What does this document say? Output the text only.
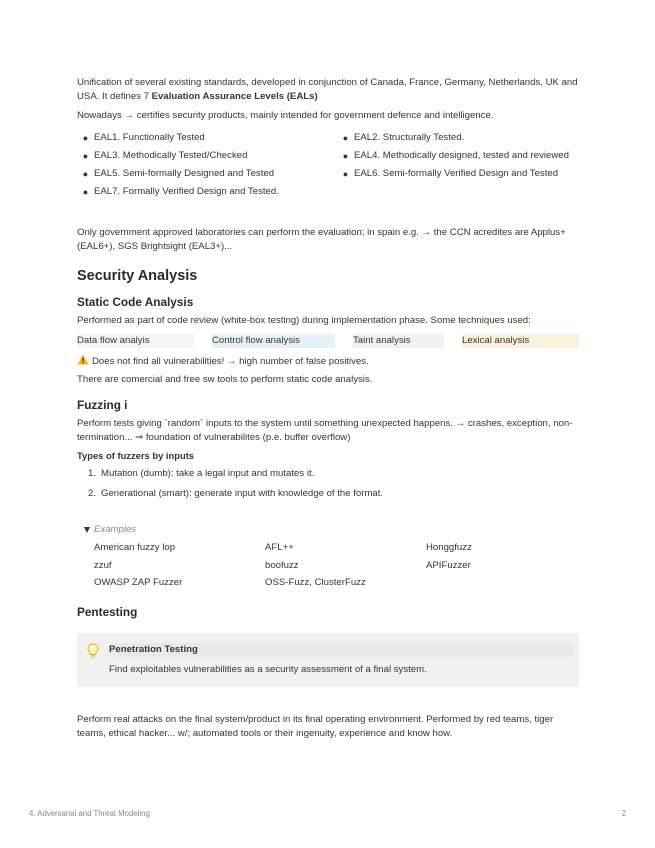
Unification of several existing standards, developed in conjunction of Canada, France, Germany, Netherlands, UK and USA. It defines 7 Evaluation Assurance Levels (EALs)

Nowadays → certifies security products, mainly intended for government defence and intelligence.

● EAL1. Functionally Tested	● EAL2. Structurally Tested.
● EAL3. Methodically Tested/Checked	● EAL4. Methodically designed, tested and reviewed
● EAL5. Semi-formally Designed and Tested	● EAL6. Semi-formally Verified Design and Tested
● EAL7. Formally Verified Design and Tested.

Only government approved laboratories can perform the evaluation; in spain e.g. → the CCN acredites are Applus+ (EAL6+), SGS Brightsight (EAL3+)...

Security Analysis
Static Code Analysis

Performed as part of code review (white-box testing) during implementation phase. Some techniques used:

Data flow analyis	Control flow analysis	Taint analysis	Lexical analysis

Does not find all vulnerabilities! → high number of false positives.

There are comercial and free sw tools to perform static code analysis.

Fuzzing i

Perform tests giving `random` inputs to the system until something unexpected happens. → crashes, exception, non-termination... ⇒ foundation of vulnerabilites (p.e. buffer overflow)

Types of fuzzers by inputs
1. Mutation (dumb): take a legal input and mutates it.
2. Generational (smart): generate input with knowledge of the format.
Examples
American fuzzy lop	AFL++	Honggfuzz
zzuf	boofuzz	APIFuzzer
OWASP ZAP Fuzzer	OSS-Fuzz, ClusterFuzz
Pentesting
Penetration Testing
Find exploitables vulnerabilities as a security assessment of a final system.

Perform real attacks on the final system/product in its final operating environment. Performed by red teams, tiger teams, ethical hacker... w/; automated tools or their ingenuity, experience and know how.

4. Adversarial and Threat Modeling	2
